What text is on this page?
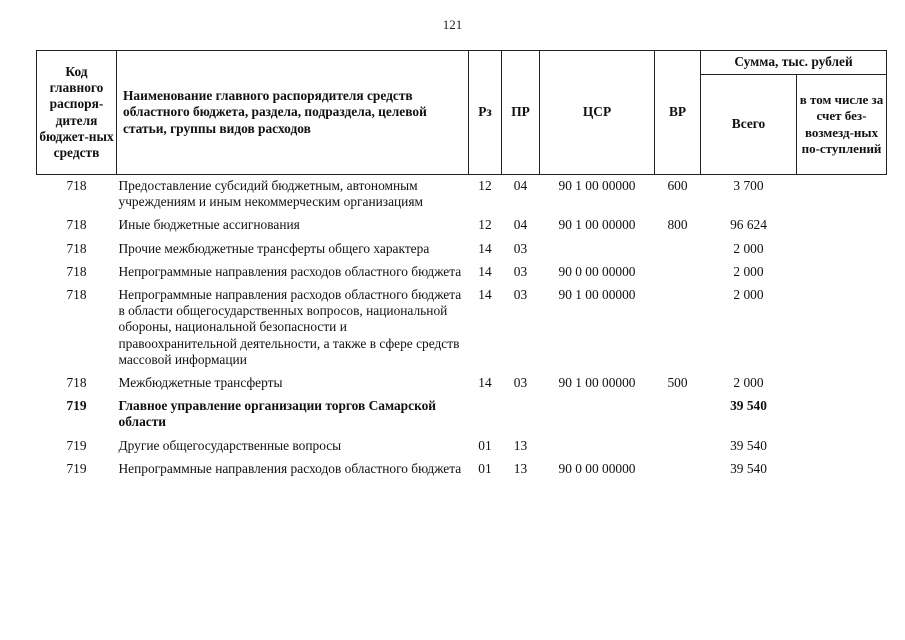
121
Код главного распоря-дителя бюджет-ных средств	Наименование главного распорядителя средств областного бюджета, раздела, подраздела, целевой статьи, группы видов расходов	Рз	ПР	ЦСР	ВР	Сумма, тыс. рублей	
						Всего	в том числе за счет без-возмезд-ных по-ступлений
718	Предоставление субсидий бюджетным, автономным учреждениям и иным некоммерческим организациям	12	04	90 1 00 00000	600	3 700	
718	Иные бюджетные ассигнования	12	04	90 1 00 00000	800	96 624	
718	Прочие межбюджетные трансферты общего характера	14	03			2 000	
718	Непрограммные направления расходов областного бюджета	14	03	90 0 00 00000		2 000	
718	Непрограммные направления расходов областного бюджета в области общегосударственных вопросов, национальной обороны, национальной безопасности и правоохранительной деятельности, а также в сфере средств массовой информации	14	03	90 1 00 00000		2 000	
718	Межбюджетные трансферты	14	03	90 1 00 00000	500	2 000	
719	Главное управление организации торгов Самарской области					39 540	
719	Другие общегосударственные вопросы	01	13			39 540	
719	Непрограммные направления расходов областного бюджета	01	13	90 0 00 00000		39 540	
